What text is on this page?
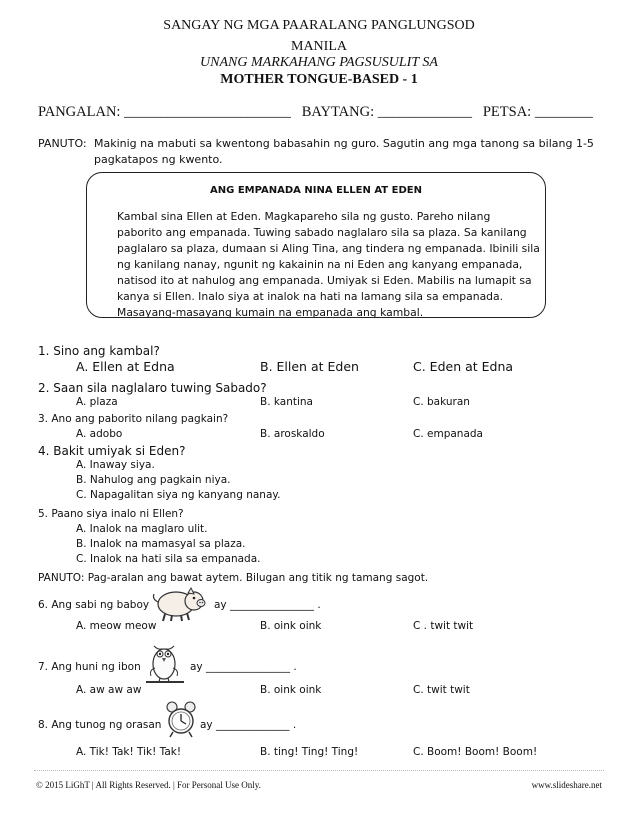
SANGAY NG MGA PAARALANG PANGLUNGSOD
MANILA
UNANG MARKAHANG PAGSUSULIT SA
MOTHER TONGUE-BASED - 1
PANGALAN: _______________________   BAYTANG: _____________   PETSA: ________
PANUTO: Makinig na mabuti sa kwentong babasahin ng guro. Sagutin ang mga tanong sa bilang 1-5
pagkatapos ng kwento.
ANG EMPANADA NINA ELLEN AT EDEN
Kambal sina Ellen at Eden. Magkapareho sila ng gusto. Pareho nilang
paborito ang empanada. Tuwing sabado naglalaro sila sa plaza. Sa kanilang
paglalaro sa plaza, dumaan si Aling Tina, ang tindera ng empanada. Ibinili sila
ng kanilang nanay, ngunit ng kakainin na ni Eden ang kanyang empanada,
natisod ito at nahulog ang empanada. Umiyak si Eden. Mabilis na lumapit sa
kanya si Ellen. Inalo siya at inalok na hati na lamang sila sa empanada.
Masayang-masayang kumain na empanada ang kambal.
1. Sino ang kambal?
A. Ellen at Edna	B. Ellen at Eden	C. Eden at Edna
2. Saan sila naglalaro tuwing Sabado?
A. plaza	B. kantina	C. bakuran
3. Ano ang paborito nilang pagkain?
A. adobo	B. aroskaldo	C. empanada
4. Bakit umiyak si Eden?
A. Inaway siya.
B. Nahulog ang pagkain niya.
C. Napagalitan siya ng kanyang nanay.
5. Paano siya inalo ni Ellen?
A. Inalok na maglaro ulit.
B. Inalok na mamasyal sa plaza.
C. Inalok na hati sila sa empanada.
PANUTO: Pag-aralan ang bawat aytem. Bilugan ang titik ng tamang sagot.
6. Ang sabi ng baboy	ay ________________ .
A. meow meow	B. oink oink	C . twit twit
7. Ang huni ng ibon	ay ________________ .
A. aw aw aw	B. oink oink	C. twit twit
8. Ang tunog ng orasan	ay ______________ .
A. Tik! Tak! Tik! Tak!	B. ting! Ting! Ting!	C. Boom! Boom! Boom!
© 2015 LiGhT | All Rights Reserved. | For Personal Use Only.	www.slideshare.net
